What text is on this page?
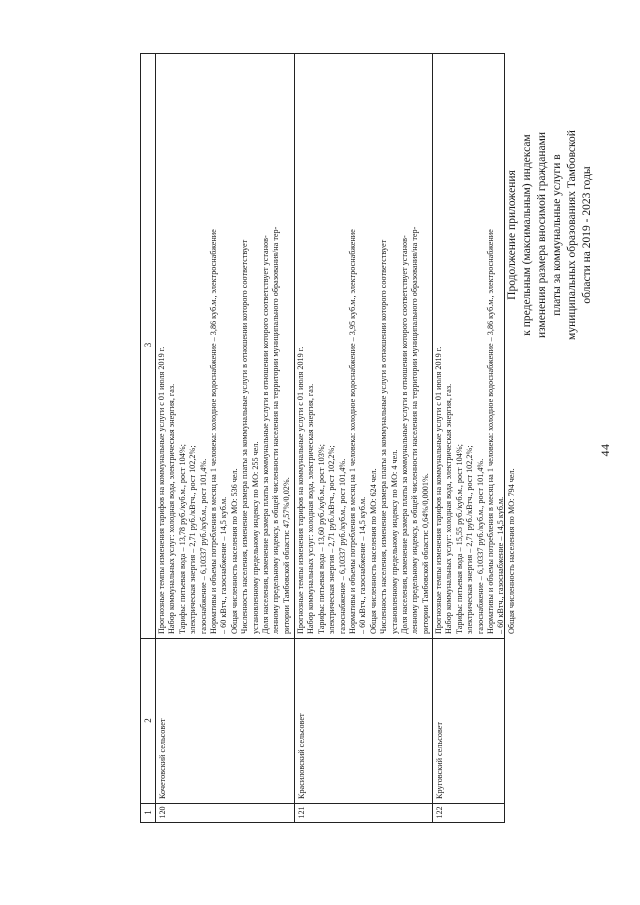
44
Продолжение приложения к предельным (максимальным) индексам изменения размера вносимой гражданами платы за коммунальные услуги в муниципальных образованиях Тамбовской области на 2019 - 2023 годы
1
2
3
120
Кочетовский сельсовет
Прогнозные темпы изменения тарифов на коммунальные услуги с 01 июля 2019 г. Набор коммунальных услуг: холодная вода, электрическая энергия, газ. Тарифы: питьевая вода – 13,78 руб./куб.м., рост 104%; электрическая энергия – 2,71 руб./кВтч., рост 102,2%; газоснабжение – 6,10337 руб./куб.м., рост 101,4%. Нормативы и объемы потребления в месяц на 1 человека: холодное водоснабжение – 3,86 куб.м., электроснабжение – 60 кВтч., газоснабжение – 14,5 куб.м. Общая численность населения по МО: 536 чел. Численность населения, изменение размера платы за коммунальные услуги в отношении которого соответствует установленному предельному индексу по МО: 255 чел. Доля населения, изменение размера платы за коммунальные услуги в отношении которого соответствует установ- ленному предельному индексу, в общей численности населения на территории муниципального образования/на тер- ритории Тамбовской области: 47,57%/0,02%.
121
Красиловский сельсовет
Прогнозные темпы изменения тарифов на коммунальные услуги с 01 июля 2019 г. Набор коммунальных услуг: холодная вода, электрическая энергия, газ. Тарифы: питьевая вода – 13,60 руб./куб.м., рост 103%; электрическая энергия – 2,71 руб./кВтч., рост 102,2%; газоснабжение – 6,10337 руб./куб.м., рост 101,4%. Нормативы и объемы потребления в месяц на 1 человека: холодное водоснабжение – 3,95 куб.м., электроснабжение – 60 кВтч., газоснабжение – 14,5 куб.м. Общая численность населения по МО: 624 чел. Численность населения, изменение размера платы за коммунальные услуги в отношении которого соответствует установленному предельному индексу по МО: 4 чел. Доля населения, изменение размера платы за коммунальные услуги в отношении которого соответствует установ- ленному предельному индексу, в общей численности населения на территории муниципального образования/на тер- ритории Тамбовской области: 0,64%/0,0001%.
122
Круговский сельсовет
Прогнозные темпы изменения тарифов на коммунальные услуги с 01 июля 2019 г. Набор коммунальных услуг: холодная вода, электрическая энергия, газ. Тарифы: питьевая вода – 15,55 руб./куб.м., рост 104%; электрическая энергия – 2,71 руб./кВтч., рост 102,2%; газоснабжение – 6,10337 руб./куб.м., рост 101,4%. Нормативы и объемы потребления в месяц на 1 человека: холодное водоснабжение – 3,86 куб.м., электроснабжение – 60 кВтч., газоснабжение – 14,5 куб.м. Общая численность населения по МО: 794 чел.
